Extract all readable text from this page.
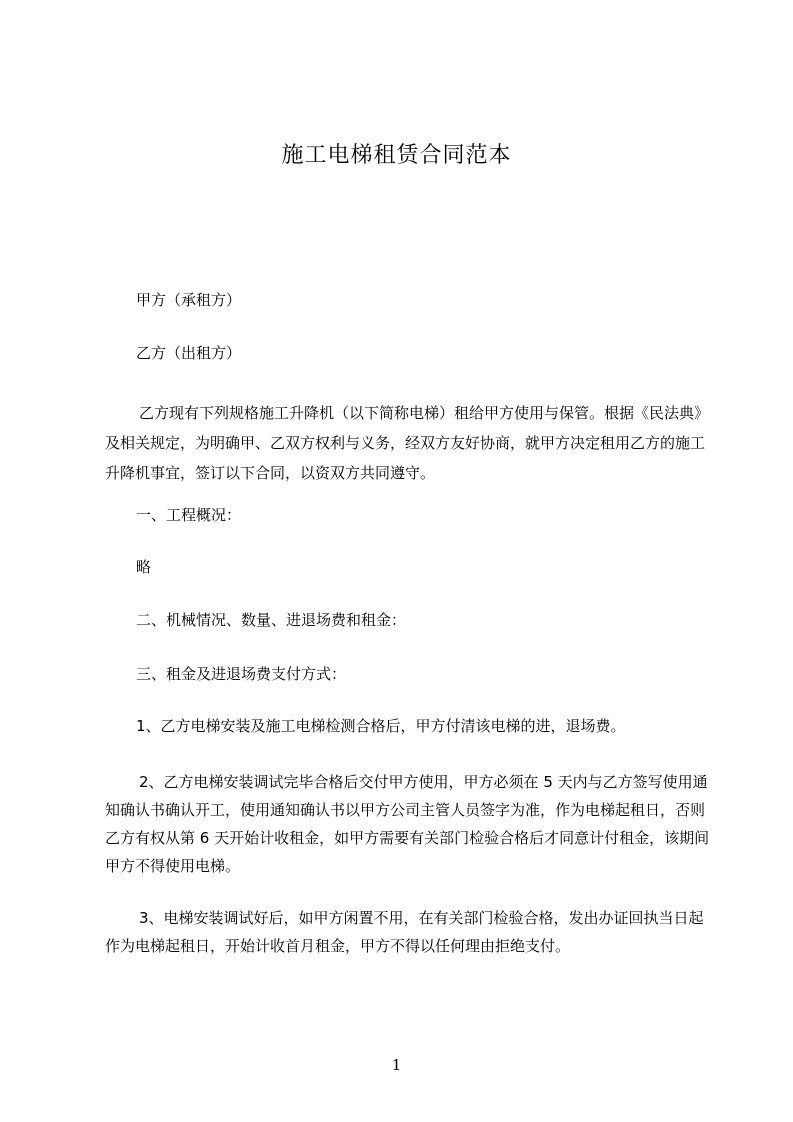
施工电梯租赁合同范本
甲方（承租方）
乙方（出租方）
乙方现有下列规格施工升降机（以下简称电梯）租给甲方使用与保管。根据《民法典》及相关规定，为明确甲、乙双方权利与义务，经双方友好协商，就甲方决定租用乙方的施工升降机事宜，签订以下合同，以资双方共同遵守。
一、工程概况：
略
二、机械情况、数量、进退场费和租金：
三、租金及进退场费支付方式：
1、乙方电梯安装及施工电梯检测合格后，甲方付清该电梯的进，退场费。
2、乙方电梯安装调试完毕合格后交付甲方使用，甲方必须在 5 天内与乙方签写使用通知确认书确认开工，使用通知确认书以甲方公司主管人员签字为准，作为电梯起租日，否则乙方有权从第 6 天开始计收租金，如甲方需要有关部门检验合格后才同意计付租金，该期间甲方不得使用电梯。
3、电梯安装调试好后，如甲方闲置不用，在有关部门检验合格，发出办证回执当日起作为电梯起租日，开始计收首月租金，甲方不得以任何理由拒绝支付。
1
